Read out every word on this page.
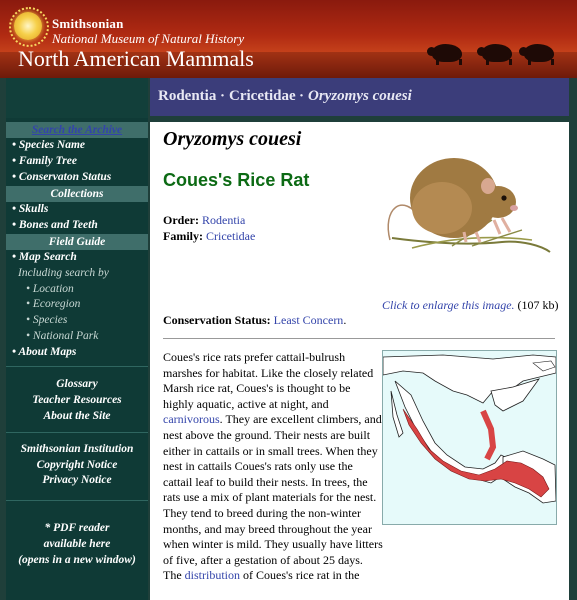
Smithsonian
National Museum of Natural History
North American Mammals
Search the Archive
• Species Name
• Family Tree
• Conservaton Status
Collections
• Skulls
• Bones and Teeth
Field Guide
• Map Search
Including search by
• Location
• Ecoregion
• Species
• National Park
• About Maps
Glossary
Teacher Resources
About the Site
Smithsonian Institution
Copyright Notice
Privacy Notice
* PDF reader
available here
(opens in a new window)
Rodentia · Cricetidae · Oryzomys couesi
Oryzomys couesi
Coues's Rice Rat
Order: Rodentia
Family: Cricetidae
Click to enlarge this image. (107 kb)
Conservation Status: Least Concern.
Coues's rice rats prefer cattail-bulrush marshes for habitat. Like the closely related Marsh rice rat, Coues's is thought to be highly aquatic, active at night, and carnivorous. They are excellent climbers, and nest above the ground. Their nests are built either in cattails or in small trees. When they nest in cattails Coues's rats only use the cattail leaf to build their nests. In trees, the rats use a mix of plant materials for the nest. They tend to breed during the non-winter months, and may breed throughout the year when winter is mild. They usually have litters of five, after a gestation of about 25 days. The distribution of Coues's rice rat in the
